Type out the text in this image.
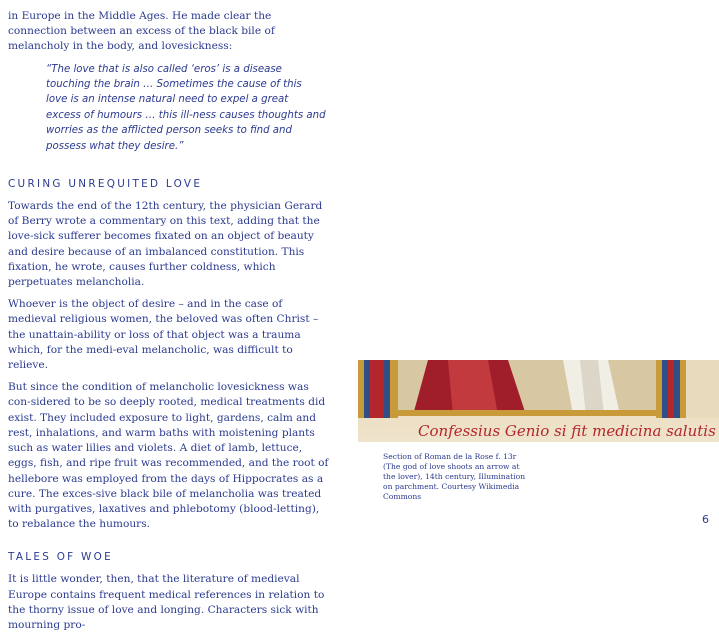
in Europe in the Middle Ages. He made clear the connection between an excess of the black bile of melancholy in the body, and lovesickness:

“The love that is also called ‘eros’ is a disease touching the brain … Sometimes the cause of this love is an intense natural need to expel a great excess of humours … this ill-ness causes thoughts and worries as the afflicted person seeks to find and possess what they desire.”

CURING UNREQUITED LOVE

Towards the end of the 12th century, the physician Gerard of Berry wrote a commentary on this text, adding that the love-sick sufferer becomes fixated on an object of beauty and desire because of an imbalanced constitution. This fixation, he wrote, causes further coldness, which perpetuates melancholia.

Whoever is the object of desire – and in the case of medieval religious women, the beloved was often Christ – the unattain-ability or loss of that object was a trauma which, for the medi-eval melancholic, was difficult to relieve.

But since the condition of melancholic lovesickness was con-sidered to be so deeply rooted, medical treatments did exist. They included exposure to light, gardens, calm and rest, inhalations, and warm baths with moistening plants such as water lilies and violets. A diet of lamb, lettuce, eggs, fish, and ripe fruit was recommended, and the root of hellebore was employed from the days of Hippocrates as a cure. The exces-sive black bile of melancholia was treated with purgatives, laxatives and phlebotomy (blood-letting), to rebalance the humours.

TALES OF WOE

It is little wonder, then, that the literature of medieval Europe contains frequent medical references in relation to the thorny issue of love and longing. Characters sick with mourning pro-

Confessius Genio si fit medicina salutis
Section of Roman de la Rose f. 13r (The god of love shoots an arrow at the lover), 14th century, Illumination on parchment. Courtesy Wikimedia Commons
6
